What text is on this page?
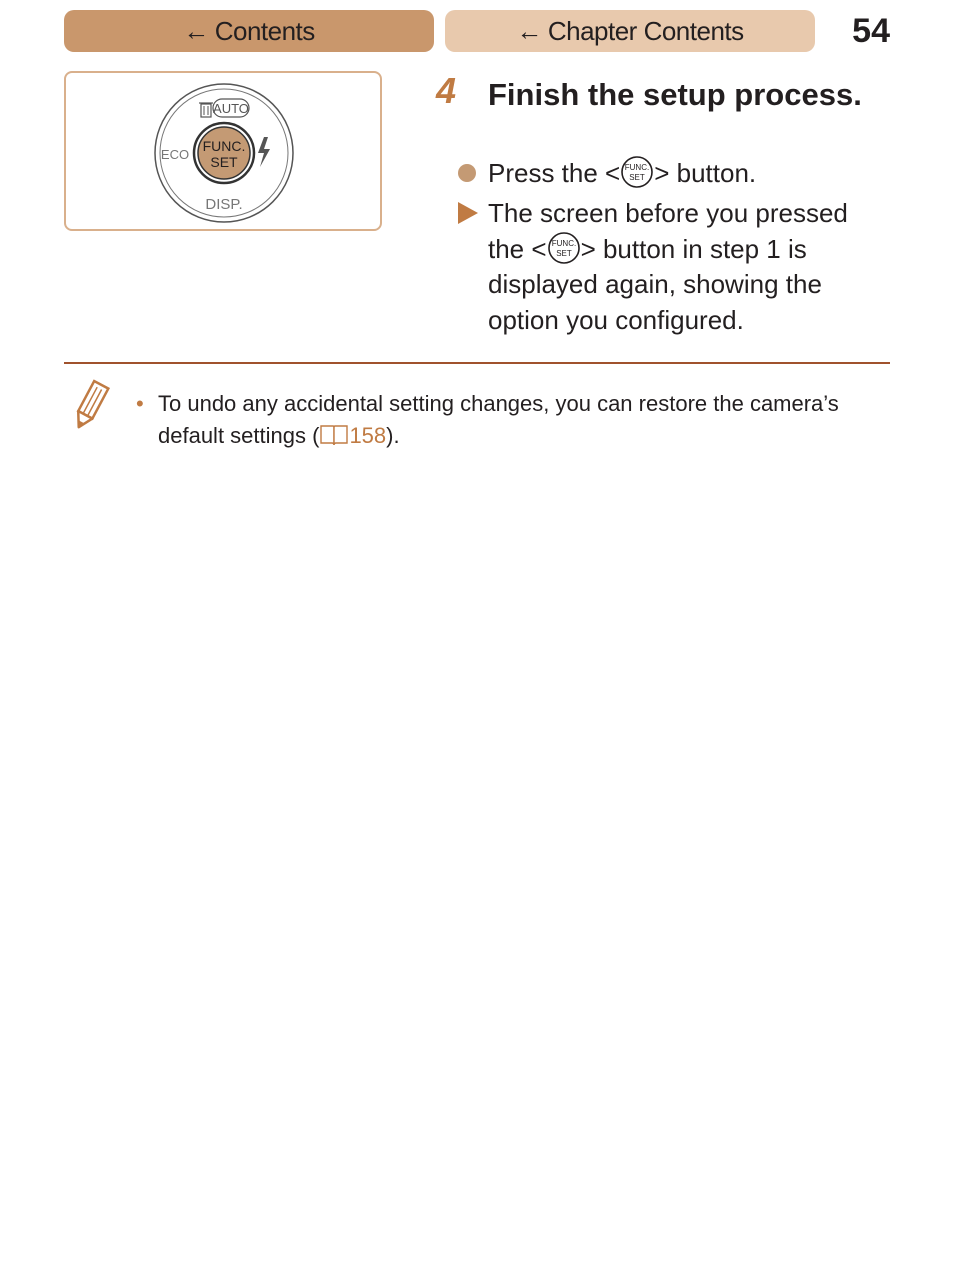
← Contents	← Chapter Contents	54
FUNC.
SET
AUTO
ECO
DISP.
4 Finish the setup process.
Press the < FUNC.
SET > button.
The screen before you pressed the < FUNC.
SET > button in step 1 is displayed again, showing the option you configured.
• To undo any accidental setting changes, you can restore the camera’s default settings ( 158).
